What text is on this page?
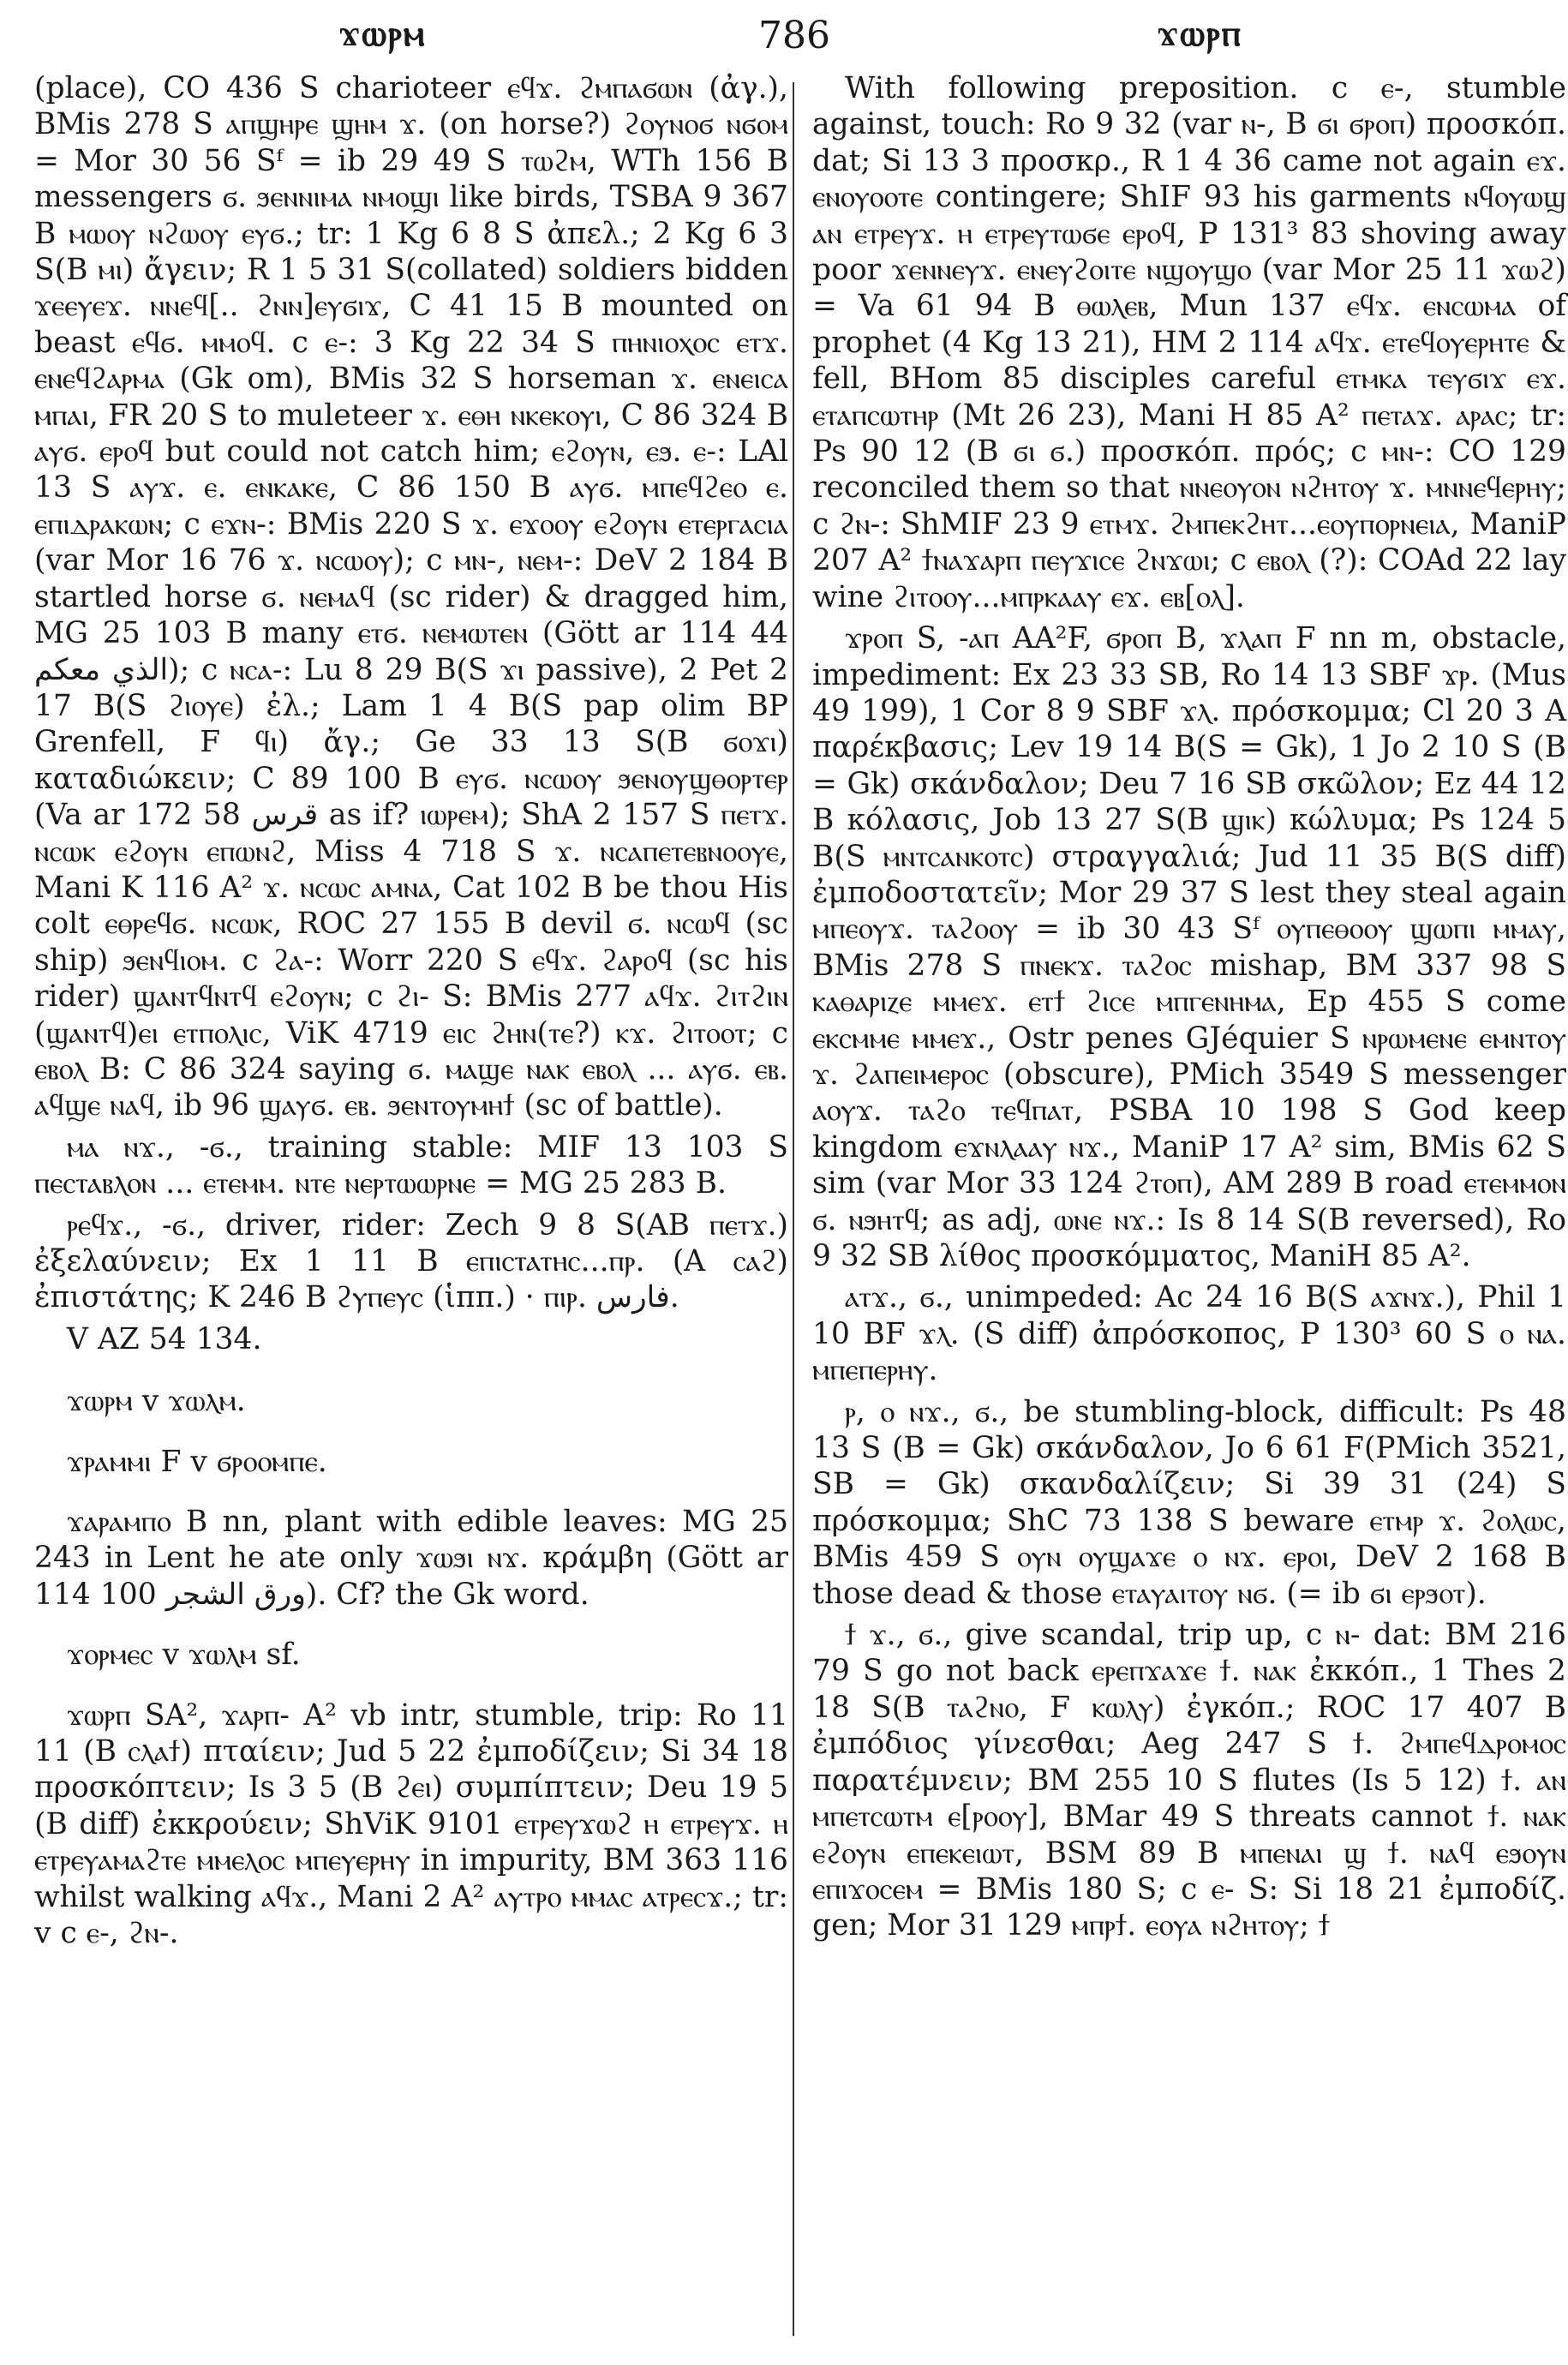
ϫⲱⲣⲙ	786	ϫⲱⲣⲡ

(place), CO 436 S charioteer ⲉϥϫ. ϩⲙⲡⲁϭⲱⲛ (ἀγ.), BMis 278 S ⲁⲡϣⲏⲣⲉ ϣⲏⲙ ϫ. (on horse?) ϩⲟⲩⲛⲟϭ ⲛϭⲟⲙ = Mor 30 56 Sᶠ = ib 29 49 S ⲧⲱϩⲙ, WTh 156 B messengers ϭ. ϧⲉⲛⲛⲓⲙⲁ ⲛⲙⲟϣⲓ like birds, TSBA 9 367 B ⲙⲱⲟⲩ ⲛϩⲱⲟⲩ ⲉⲩϭ.; tr: 1 Kg 6 8 S ἀπελ.; 2 Kg 6 3 S(B ⲙⲓ) ἄγειν; R 1 5 31 S(collated) soldiers bidden ϫⲉⲉⲩⲉϫ. ⲛⲛⲉϥ[.. ϩⲛⲛ]ⲉⲩϭⲓϫ, C 41 15 B mounted on beast ⲉϥϭ. ⲙⲙⲟϥ. c ⲉ-: 3 Kg 22 34 S ⲡⲏⲛⲓⲟⲭⲟⲥ ⲉⲧϫ. ⲉⲛⲉϥϩⲁⲣⲙⲁ (Gk om), BMis 32 S horseman ϫ. ⲉⲛⲉⲓⲥⲁ ⲙⲡⲁⲓ, FR 20 S to muleteer ϫ. ⲉⲑⲏ ⲛⲕⲉⲕⲟⲩⲓ, C 86 324 B ⲁⲩϭ. ⲉⲣⲟϥ but could not catch him; ⲉϩⲟⲩⲛ, ⲉϧ. ⲉ-: LAl 13 S ⲁⲩϫ. ⲉ. ⲉⲛⲕⲁⲕⲉ, C 86 150 B ⲁⲩϭ. ⲙⲡⲉϥϩⲉⲟ ⲉ. ⲉⲡⲓⲇⲣⲁⲕⲱⲛ; c ⲉϫⲛ-: BMis 220 S ϫ. ⲉϫⲟⲟⲩ ⲉϩⲟⲩⲛ ⲉⲧⲉⲣⲅⲁⲥⲓⲁ (var Mor 16 76 ϫ. ⲛⲥⲱⲟⲩ); c ⲙⲛ-, ⲛⲉⲙ-: DeV 2 184 B startled horse ϭ. ⲛⲉⲙⲁϥ (sc rider) & dragged him, MG 25 103 B many ⲉⲧϭ. ⲛⲉⲙⲱⲧⲉⲛ (Gött ar 114 44 الذي معكم); c ⲛⲥⲁ-: Lu 8 29 B(S ϫⲓ passive), 2 Pet 2 17 B(S ϩⲓⲟⲩⲉ) ἐλ.; Lam 1 4 B(S pap olim BP Grenfell, F ϥⲓ) ἄγ.; Ge 33 13 S(B ϭⲟϫⲓ) καταδιώκειν; C 89 100 B ⲉⲩϭ. ⲛⲥⲱⲟⲩ ϧⲉⲛⲟⲩϣⲑⲟⲣⲧⲉⲣ (Va ar 172 58 قرس as if? ⲓⲱⲣⲉⲙ); ShA 2 157 S ⲡⲉⲧϫ. ⲛⲥⲱⲕ ⲉϩⲟⲩⲛ ⲉⲡⲱⲛϩ, Miss 4 718 S ϫ. ⲛⲥⲁⲡⲉⲧⲉⲃⲛⲟⲟⲩⲉ, Mani K 116 A² ϫ. ⲛⲥⲱⲥ ⲁⲙⲛⲁ, Cat 102 B be thou His colt ⲉⲑⲣⲉϥϭ. ⲛⲥⲱⲕ, ROC 27 155 B devil ϭ. ⲛⲥⲱϥ (sc ship) ϧⲉⲛϥⲓⲟⲙ. c ϩⲁ-: Worr 220 S ⲉϥϫ. ϩⲁⲣⲟϥ (sc his rider) ϣⲁⲛⲧϥⲛⲧϥ ⲉϩⲟⲩⲛ; c ϩⲓ- S: BMis 277 ⲁϥϫ. ϩⲓⲧϩⲓⲛ (ϣⲁⲛⲧϥ)ⲉⲓ ⲉⲧⲡⲟⲗⲓⲥ, ViK 4719 ⲉⲓⲥ ϩⲏⲛ(ⲧⲉ?) ⲕϫ. ϩⲓⲧⲟⲟⲧ; c ⲉⲃⲟⲗ B: C 86 324 saying ϭ. ⲙⲁϣⲉ ⲛⲁⲕ ⲉⲃⲟⲗ ... ⲁⲩϭ. ⲉⲃ. ⲁϥϣⲉ ⲛⲁϥ, ib 96 ϣⲁⲩϭ. ⲉⲃ. ϧⲉⲛⲧⲟⲩⲙⲏϯ (sc of battle).

ⲙⲁ ⲛϫ., -ϭ., training stable: MIF 13 103 S ⲡⲉⲥⲧⲁⲃⲗⲟⲛ ... ⲉⲧⲉⲙⲙ. ⲛⲧⲉ ⲛⲉⲣⲧⲱⲱⲣⲛⲉ = MG 25 283 B.

ⲣⲉϥϫ., -ϭ., driver, rider: Zech 9 8 S(AB ⲡⲉⲧϫ.) ἐξελαύνειν; Ex 1 11 B ⲉⲡⲓⲥⲧⲁⲧⲏⲥ...ⲡⲣ. (A ⲥⲁϩ) ἐπιστάτης; K 246 B ϩⲩⲡⲉⲩⲥ (ἱππ.) · ⲡⲓⲣ. فارس.

V AZ 54 134.

ϫⲱⲣⲙ v ϫⲱⲗⲙ.

ϫⲣⲁⲙⲙⲓ F v ϭⲣⲟⲟⲙⲡⲉ.

ϫⲁⲣⲁⲙⲡⲟ B nn, plant with edible leaves: MG 25 243 in Lent he ate only ϫⲱϧⲓ ⲛϫ. κράμβη (Gött ar 114 100 ورق الشجر). Cf? the Gk word.

ϫⲟⲣⲙⲉⲥ v ϫⲱⲗⲙ sf.

ϫⲱⲣⲡ SA², ϫⲁⲣⲡ- A² vb intr, stumble, trip: Ro 11 11 (B ⲥⲗⲁϯ) πταίειν; Jud 5 22 ἐμποδίζειν; Si 34 18 προσκόπτειν; Is 3 5 (B ϩⲉⲓ) συμπίπτειν; Deu 19 5 (B diff) ἐκκρούειν; ShViK 9101 ⲉⲧⲣⲉⲩϫⲱϩ ⲏ ⲉⲧⲣⲉⲩϫ. ⲏ ⲉⲧⲣⲉⲩⲁⲙⲁϩⲧⲉ ⲙⲙⲉⲗⲟⲥ ⲙⲡⲉⲩⲉⲣⲏⲩ in impurity, BM 363 116 whilst walking ⲁϥϫ., Mani 2 A² ⲁⲩⲧⲣⲟ ⲙⲙⲁⲥ ⲁⲧⲣⲉⲥϫ.; tr: v c ⲉ-, ϩⲛ-.

With following preposition. c ⲉ-, stumble against, touch: Ro 9 32 (var ⲛ-, B ϭⲓ ϭⲣⲟⲡ) προσκόπ. dat; Si 13 3 προσκρ., R 1 4 36 came not again ⲉϫ. ⲉⲛⲟⲩⲟⲟⲧⲉ contingere; ShIF 93 his garments ⲛϥⲟⲩⲱϣ ⲁⲛ ⲉⲧⲣⲉⲩϫ. ⲏ ⲉⲧⲣⲉⲩⲧⲱϭⲉ ⲉⲣⲟϥ, P 131³ 83 shoving away poor ϫⲉⲛⲛⲉⲩϫ. ⲉⲛⲉⲩϩⲟⲓⲧⲉ ⲛϣⲟⲩϣⲟ (var Mor 25 11 ϫⲱϩ) = Va 61 94 B ⲑⲱⲗⲉⲃ, Mun 137 ⲉϥϫ. ⲉⲛⲥⲱⲙⲁ of prophet (4 Kg 13 21), HM 2 114 ⲁϥϫ. ⲉⲧⲉϥⲟⲩⲉⲣⲏⲧⲉ & fell, BHom 85 disciples careful ⲉⲧⲙⲕⲁ ⲧⲉⲩϭⲓϫ ⲉϫ. ⲉⲧⲁⲡⲥⲱⲧⲏⲣ (Mt 26 23), Mani H 85 A² ⲡⲉⲧⲁϫ. ⲁⲣⲁⲥ; tr: Ps 90 12 (B ϭⲓ ϭ.) προσκόπ. πρός; c ⲙⲛ-: CO 129 reconciled them so that ⲛⲛⲉⲟⲩⲟⲛ ⲛϩⲏⲧⲟⲩ ϫ. ⲙⲛⲛⲉϥⲉⲣⲏⲩ; c ϩⲛ-: ShMIF 23 9 ⲉⲧⲙϫ. ϩⲙⲡⲉⲕϩⲏⲧ...ⲉⲟⲩⲡⲟⲣⲛⲉⲓⲁ, ManiP 207 A² ϯⲛⲁϫⲁⲣⲡ ⲡⲉⲩϫⲓⲥⲉ ϩⲛϫⲱⲓ; c ⲉⲃⲟⲗ (?): COAd 22 lay wine ϩⲓⲧⲟⲟⲩ...ⲙⲡⲣⲕⲁⲁⲩ ⲉϫ. ⲉⲃ[ⲟⲗ].

ϫⲣⲟⲡ S, -ⲁⲡ AA²F, ϭⲣⲟⲡ B, ϫⲗⲁⲡ F nn m, obstacle, impediment: Ex 23 33 SB, Ro 14 13 SBF ϫⲣ. (Mus 49 199), 1 Cor 8 9 SBF ϫⲗ. πρόσκομμα; Cl 20 3 A παρέκβασις; Lev 19 14 B(S = Gk), 1 Jo 2 10 S (B = Gk) σκάνδαλον; Deu 7 16 SB σκῶλον; Ez 44 12 B κόλασις, Job 13 27 S(B ϣⲓⲕ) κώλυμα; Ps 124 5 B(S ⲙⲛⲧⲥⲁⲛⲕⲟⲧⲥ) στραγγαλιά; Jud 11 35 B(S diff) ἐμποδοστατεῖν; Mor 29 37 S lest they steal again ⲙⲡⲉⲟⲩϫ. ⲧⲁϩⲟⲟⲩ = ib 30 43 Sᶠ ⲟⲩⲡⲉⲑⲟⲟⲩ ϣⲱⲡⲓ ⲙⲙⲁⲩ, BMis 278 S ⲡⲛⲉⲕϫ. ⲧⲁϩⲟⲥ mishap, BM 337 98 S ⲕⲁⲑⲁⲣⲓⲍⲉ ⲙⲙⲉϫ. ⲉⲧϯ ϩⲓⲥⲉ ⲙⲡⲅⲉⲛⲏⲙⲁ, Ep 455 S come ⲉⲕⲥⲙⲙⲉ ⲙⲙⲉϫ., Ostr penes GJéquier S ⲛⲣⲱⲙⲉⲛⲉ ⲉⲙⲛⲧⲟⲩ ϫ. ϩⲁⲡⲉⲓⲙⲉⲣⲟⲥ (obscure), PMich 3549 S messenger ⲁⲟⲩϫ. ⲧⲁϩⲟ ⲧⲉϥⲡⲁⲧ, PSBA 10 198 S God keep kingdom ⲉϫⲛⲗⲁⲁⲩ ⲛϫ., ManiP 17 A² sim, BMis 62 S sim (var Mor 33 124 ϩⲧⲟⲡ), AM 289 B road ⲉⲧⲉⲙⲙⲟⲛ ϭ. ⲛϧⲏⲧϥ; as adj, ⲱⲛⲉ ⲛϫ.: Is 8 14 S(B reversed), Ro 9 32 SB λίθος προσκόμματος, ManiH 85 A².

ⲁⲧϫ., ϭ., unimpeded: Ac 24 16 B(S ⲁϫⲛϫ.), Phil 1 10 BF ϫⲗ. (S diff) ἀπρόσκοπος, P 130³ 60 S ⲟ ⲛⲁ. ⲙⲡⲉⲡⲉⲣⲏⲩ.

ⲣ, ⲟ ⲛϫ., ϭ., be stumbling-block, difficult: Ps 48 13 S (B = Gk) σκάνδαλον, Jo 6 61 F(PMich 3521, SB = Gk) σκανδαλίζειν; Si 39 31 (24) S πρόσκομμα; ShC 73 138 S beware ⲉⲧⲙⲣ ϫ. ϩⲟⲗⲱⲥ, BMis 459 S ⲟⲩⲛ ⲟⲩϣⲁϫⲉ ⲟ ⲛϫ. ⲉⲣⲟⲓ, DeV 2 168 B those dead & those ⲉⲧⲁⲩⲁⲓⲧⲟⲩ ⲛϭ. (= ib ϭⲓ ⲉⲣϧⲟⲧ).

ϯ ϫ., ϭ., give scandal, trip up, c ⲛ- dat: BM 216 79 S go not back ⲉⲣⲉⲡϫⲁϫⲉ ϯ. ⲛⲁⲕ ἐκκόπ., 1 Thes 2 18 S(B ⲧⲁϩⲛⲟ, F ⲕⲱⲗⲩ) ἐγκόπ.; ROC 17 407 B ἐμπόδιος γίνεσθαι; Aeg 247 S ϯ. ϩⲙⲡⲉϥⲇⲣⲟⲙⲟⲥ παρατέμνειν; BM 255 10 S flutes (Is 5 12) ϯ. ⲁⲛ ⲙⲡⲉⲧⲥⲱⲧⲙ ⲉ[ⲣⲟⲟⲩ], BMar 49 S threats cannot ϯ. ⲛⲁⲕ ⲉϩⲟⲩⲛ ⲉⲡⲉⲕⲉⲓⲱⲧ, BSM 89 B ⲙⲡⲉⲛⲁⲓ ϣ ϯ. ⲛⲁϥ ⲉϧⲟⲩⲛ ⲉⲡⲓϫⲟⲥⲉⲙ = BMis 180 S; c ⲉ- S: Si 18 21 ἐμποδίζ. gen; Mor 31 129 ⲙⲡⲣϯ. ⲉⲟⲩⲁ ⲛϩⲏⲧⲟⲩ; ϯ
